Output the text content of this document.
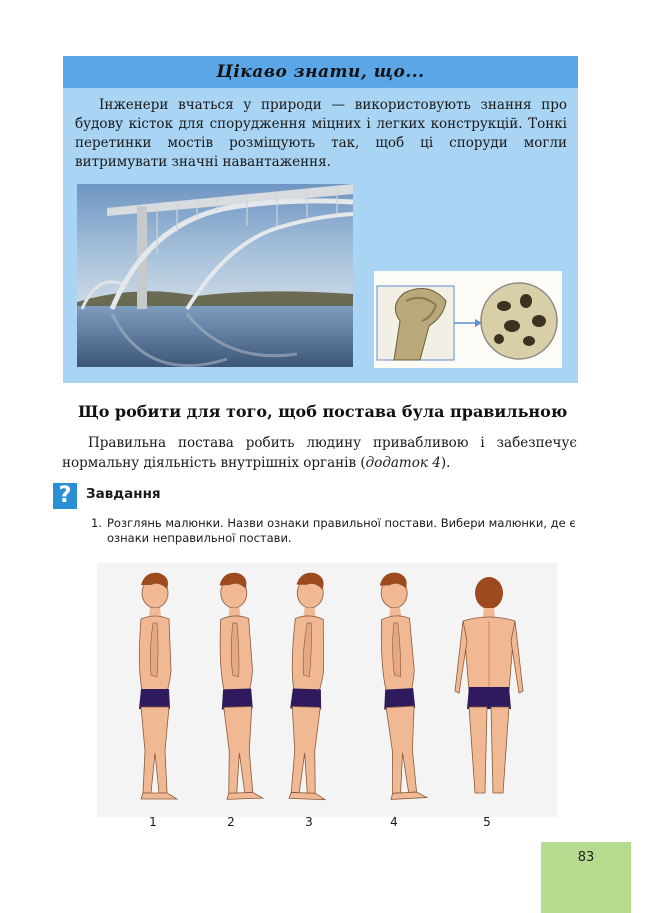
Цікаво знати, що...
Інженери вчаться у природи — використовують знання про будову кісток для спорудження міцних і легких конструкцій. Тонкі перетинки мостів розміщують так, щоб ці споруди могли витримувати значні навантаження.
Що робити для того, щоб постава була правильною
Правильна постава робить людину привабливою і забезпечує нормальну діяльність внутрішніх органів (додаток 4).
?	Завдання
1. Розглянь малюнки. Назви ознаки правильної постави. Вибери малюнки, де є ознаки неправильної постави.
1	2	3	4	5
83
